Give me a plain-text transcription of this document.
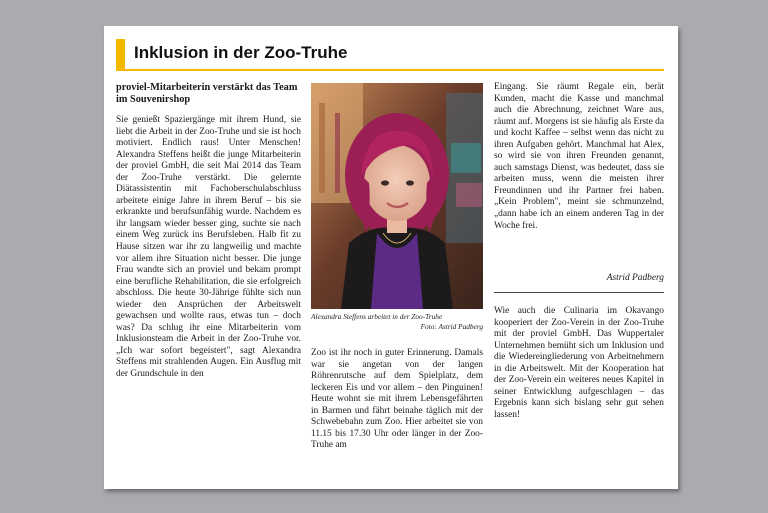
Inklusion in der Zoo-Truhe

proviel-Mitarbeiterin verstärkt das Team im Souvenirshop

Sie genießt Spaziergänge mit ihrem Hund, sie liebt die Arbeit in der Zoo-Truhe und sie ist hoch motiviert. Endlich raus! Unter Menschen! Alexandra Steffens heißt die junge Mitarbeiterin der proviel GmbH, die seit Mai 2014 das Team der Zoo-Truhe verstärkt. Die gelernte Diätassistentin mit Fachoberschulabschluss arbeitete einige Jahre in ihrem Beruf – bis sie erkrankte und berufsunfähig wurde. Nachdem es ihr langsam wieder besser ging, suchte sie nach einem Weg zurück ins Berufsleben. Halb fit zu Hause sitzen war ihr zu langweilig und machte vor allem ihre Situation nicht besser. Die junge Frau wandte sich an proviel und bekam prompt eine berufliche Rehabilitation, die sie erfolgreich abschloss. Die heute 30-Jährige fühlte sich nun wieder den Ansprüchen der Arbeitswelt gewachsen und wollte raus, etwas tun – doch was? Da schlug ihr eine Mitarbeiterin vom Inklusionsteam die Arbeit in der Zoo-Truhe vor. „Ich war sofort begeistert", sagt Alexandra Steffens mit strahlenden Augen. Ein Ausflug mit der Grundschule in den

Alexandra Steffens arbeitet in der Zoo-Truhe
Foto: Astrid Padberg

Zoo ist ihr noch in guter Erinnerung. Damals war sie angetan von der langen Röhrenrutsche auf dem Spielplatz, dem leckeren Eis und vor allem – den Pinguinen! Heute wohnt sie mit ihrem Lebensgefährten in Barmen und fährt beinahe täglich mit der Schwebebahn zum Zoo. Hier arbeitet sie von 11.15 bis 17.30 Uhr oder länger in der Zoo-Truhe am

Eingang. Sie räumt Regale ein, berät Kunden, macht die Kasse und manchmal auch die Abrechnung, zeichnet Ware aus, räumt auf. Morgens ist sie häufig als Erste da und kocht Kaffee – selbst wenn das nicht zu ihren Aufgaben gehört. Manchmal hat Alex, so wird sie von ihren Freunden genannt, auch samstags Dienst, was bedeutet, dass sie arbeiten muss, wenn die meisten ihrer Freundinnen und ihr Partner frei haben. „Kein Problem", meint sie schmunzelnd, „dann habe ich an einem anderen Tag in der Woche frei.

Astrid Padberg

Wie auch die Culinaria im Okavango kooperiert der Zoo-Verein in der Zoo-Truhe mit der proviel GmbH. Das Wuppertaler Unternehmen bemüht sich um Inklusion und die Wiedereingliederung von Arbeitnehmern in die Arbeitswelt. Mit der Kooperation hat der Zoo-Verein ein weiteres neues Kapitel in seiner Entwicklung aufgeschlagen – das Ergebnis kann sich bislang sehr gut sehen lassen!
